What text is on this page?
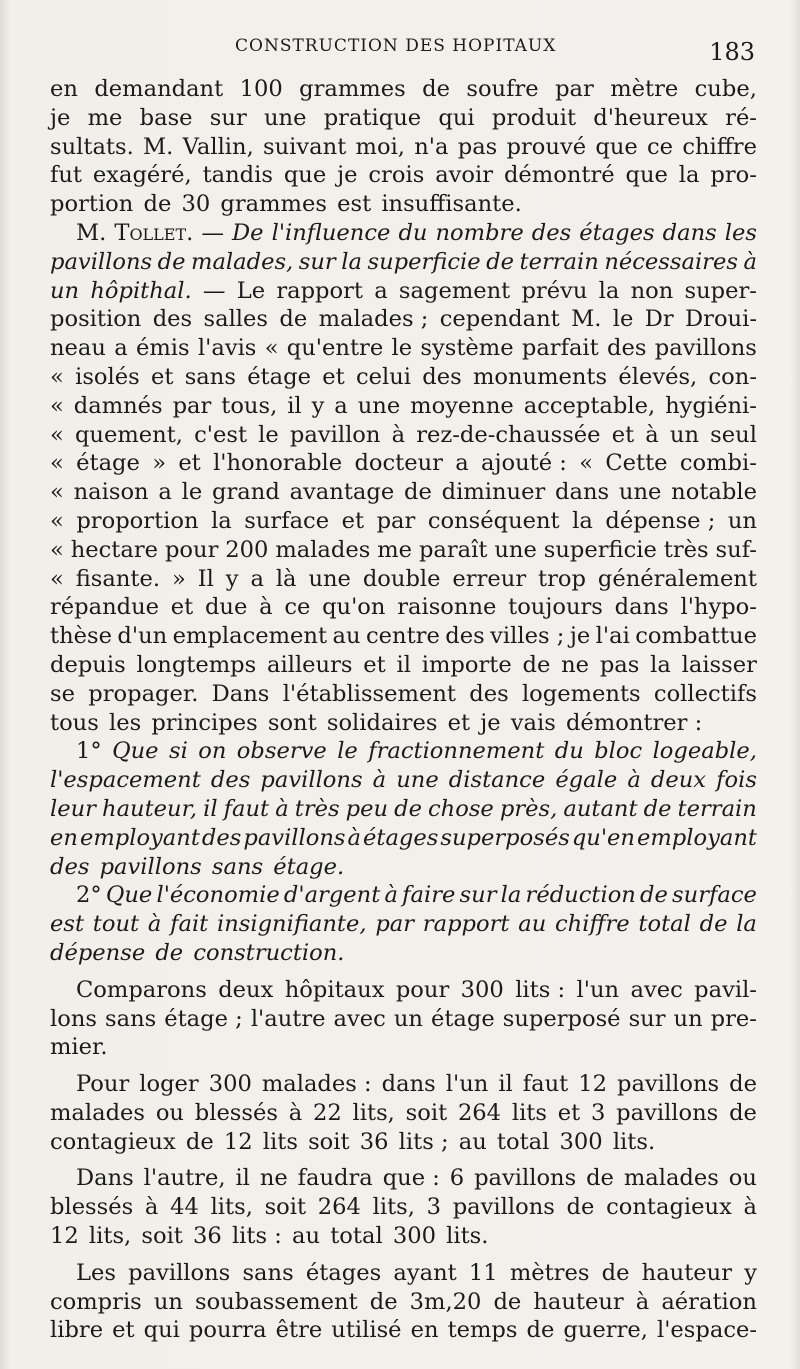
CONSTRUCTION DES HOPITAUX	183
en demandant 100 grammes de soufre par mètre cube,
je me base sur une pratique qui produit d'heureux ré-
sultats. M. Vallin, suivant moi, n'a pas prouvé que ce chiffre
fut exagéré, tandis que je crois avoir démontré que la pro-
portion de 30 grammes est insuffisante.
M. Tollet. — De l'influence du nombre des étages dans les
pavillons de malades, sur la superficie de terrain nécessaires à
un hôpithal. — Le rapport a sagement prévu la non super-
position des salles de malades ; cependant M. le Dr Droui-
neau a émis l'avis « qu'entre le système parfait des pavillons
« isolés et sans étage et celui des monuments élevés, con-
« damnés par tous, il y a une moyenne acceptable, hygiéni-
« quement, c'est le pavillon à rez-de-chaussée et à un seul
« étage » et l'honorable docteur a ajouté : « Cette combi-
« naison a le grand avantage de diminuer dans une notable
« proportion la surface et par conséquent la dépense ; un
« hectare pour 200 malades me paraît une superficie très suf-
« fisante. » Il y a là une double erreur trop généralement
répandue et due à ce qu'on raisonne toujours dans l'hypo-
thèse d'un emplacement au centre des villes ; je l'ai combattue
depuis longtemps ailleurs et il importe de ne pas la laisser
se propager. Dans l'établissement des logements collectifs
tous les principes sont solidaires et je vais démontrer :
1° Que si on observe le fractionnement du bloc logeable,
l'espacement des pavillons à une distance égale à deux fois
leur hauteur, il faut à très peu de chose près, autant de terrain
en employant des pavillons à étages superposés qu'en employant
des pavillons sans étage.
2° Que l'économie d'argent à faire sur la réduction de surface
est tout à fait insignifiante, par rapport au chiffre total de la
dépense de construction.
Comparons deux hôpitaux pour 300 lits : l'un avec pavil-
lons sans étage ; l'autre avec un étage superposé sur un pre-
mier.
Pour loger 300 malades : dans l'un il faut 12 pavillons de
malades ou blessés à 22 lits, soit 264 lits et 3 pavillons de
contagieux de 12 lits soit 36 lits ; au total 300 lits.
Dans l'autre, il ne faudra que : 6 pavillons de malades ou
blessés à 44 lits, soit 264 lits, 3 pavillons de contagieux à
12 lits, soit 36 lits : au total 300 lits.
Les pavillons sans étages ayant 11 mètres de hauteur y
compris un soubassement de 3m,20 de hauteur à aération
libre et qui pourra être utilisé en temps de guerre, l'espace-
